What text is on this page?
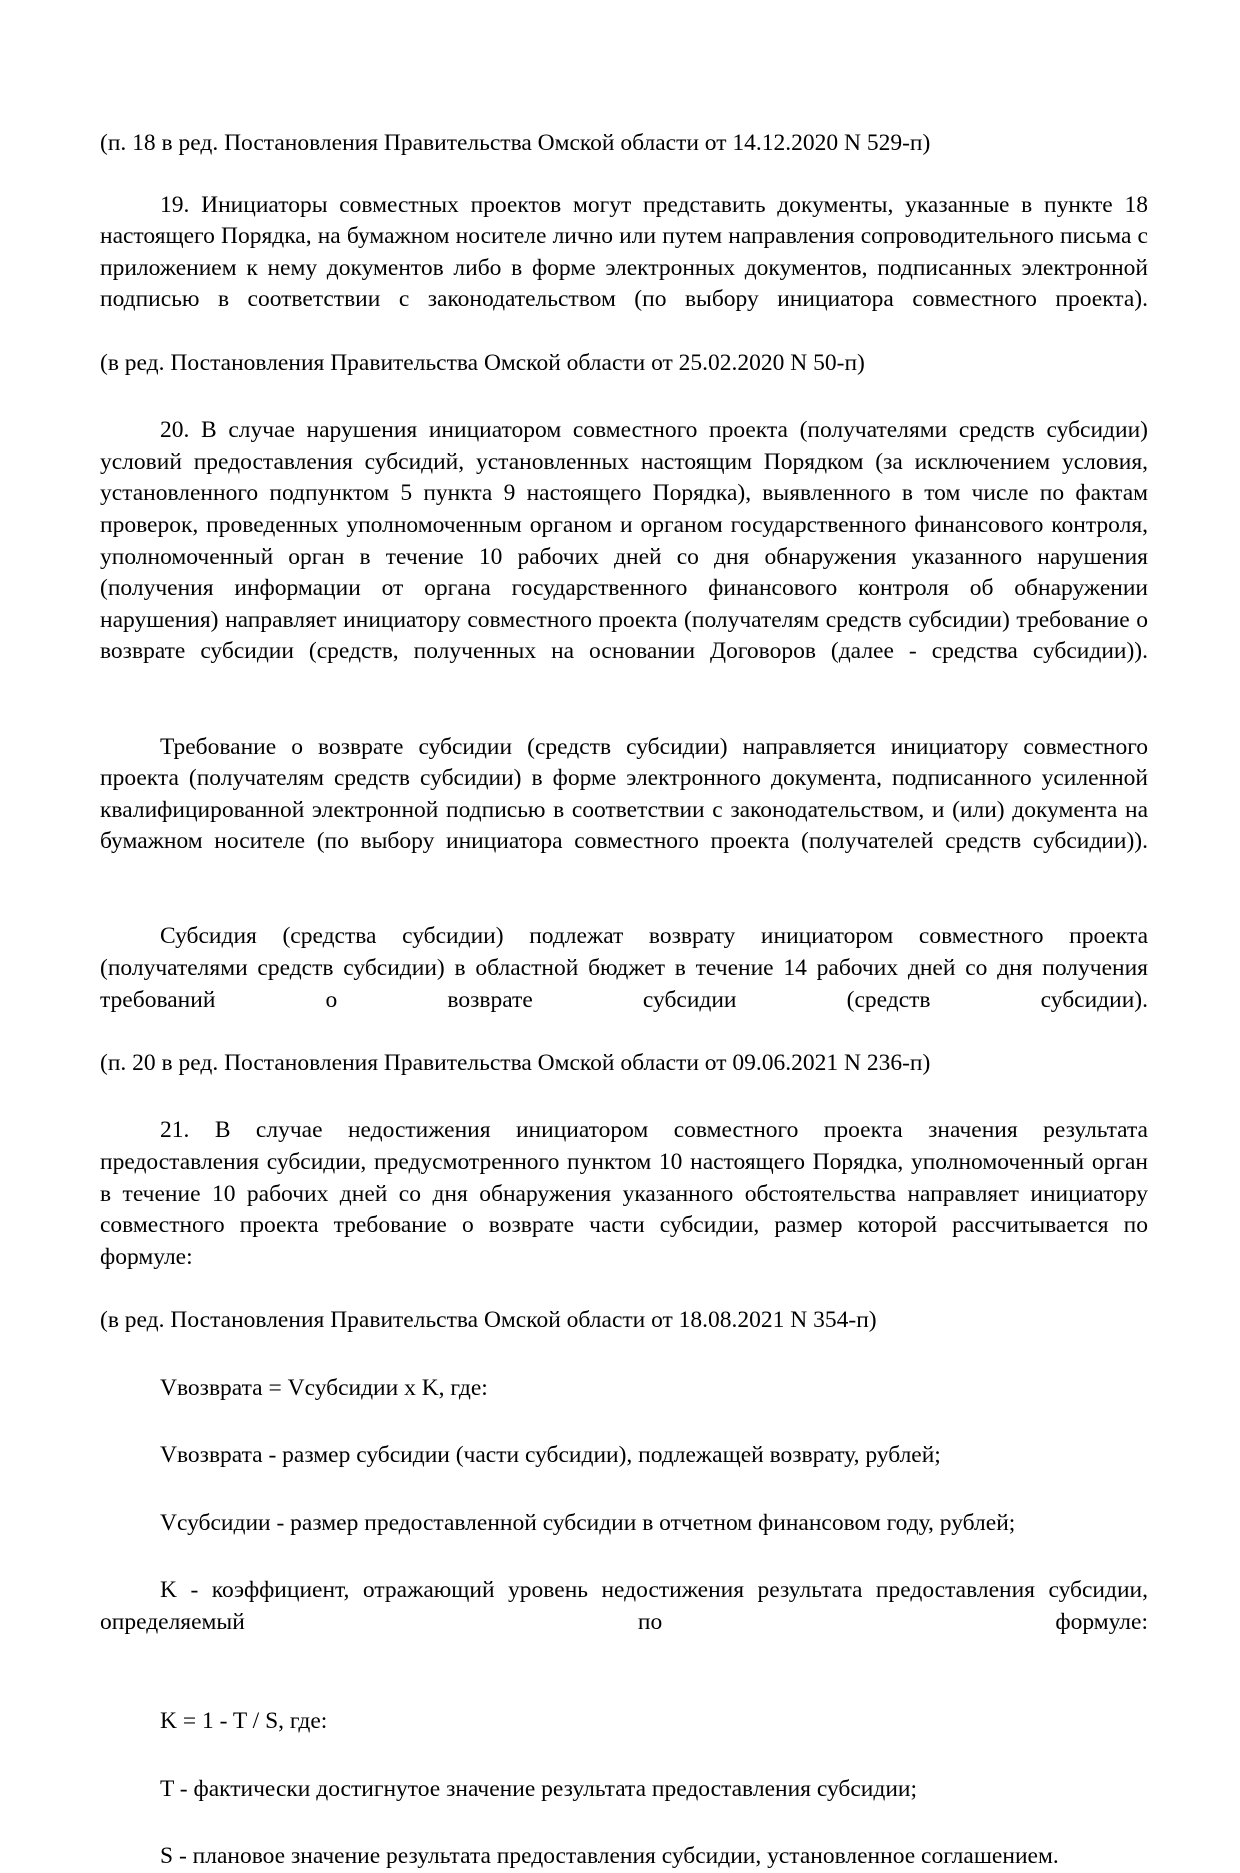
(п. 18 в ред. Постановления Правительства Омской области от 14.12.2020 N 529-п)

19. Инициаторы совместных проектов могут представить документы, указанные в пункте 18 настоящего Порядка, на бумажном носителе лично или путем направления сопроводительного письма с приложением к нему документов либо в форме электронных документов, подписанных электронной подписью в соответствии с законодательством (по выбору инициатора совместного проекта).

(в ред. Постановления Правительства Омской области от 25.02.2020 N 50-п)

20. В случае нарушения инициатором совместного проекта (получателями средств субсидии) условий предоставления субсидий, установленных настоящим Порядком (за исключением условия, установленного подпунктом 5 пункта 9 настоящего Порядка), выявленного в том числе по фактам проверок, проведенных уполномоченным органом и органом государственного финансового контроля, уполномоченный орган в течение 10 рабочих дней со дня обнаружения указанного нарушения (получения информации от органа государственного финансового контроля об обнаружении нарушения) направляет инициатору совместного проекта (получателям средств субсидии) требование о возврате субсидии (средств, полученных на основании Договоров (далее - средства субсидии)).

Требование о возврате субсидии (средств субсидии) направляется инициатору совместного проекта (получателям средств субсидии) в форме электронного документа, подписанного усиленной квалифицированной электронной подписью в соответствии с законодательством, и (или) документа на бумажном носителе (по выбору инициатора совместного проекта (получателей средств субсидии)).

Субсидия (средства субсидии) подлежат возврату инициатором совместного проекта (получателями средств субсидии) в областной бюджет в течение 14 рабочих дней со дня получения требований о возврате субсидии (средств субсидии).

(п. 20 в ред. Постановления Правительства Омской области от 09.06.2021 N 236-п)

21. В случае недостижения инициатором совместного проекта значения результата предоставления субсидии, предусмотренного пунктом 10 настоящего Порядка, уполномоченный орган в течение 10 рабочих дней со дня обнаружения указанного обстоятельства направляет инициатору совместного проекта требование о возврате части субсидии, размер которой рассчитывается по формуле:

(в ред. Постановления Правительства Омской области от 18.08.2021 N 354-п)

Vвозврата = Vсубсидии x K, где:

Vвозврата - размер субсидии (части субсидии), подлежащей возврату, рублей;

Vсубсидии - размер предоставленной субсидии в отчетном финансовом году, рублей;

K - коэффициент, отражающий уровень недостижения результата предоставления субсидии, определяемый по формуле:

K = 1 - T / S, где:

T - фактически достигнутое значение результата предоставления субсидии;

S - плановое значение результата предоставления субсидии, установленное соглашением.
